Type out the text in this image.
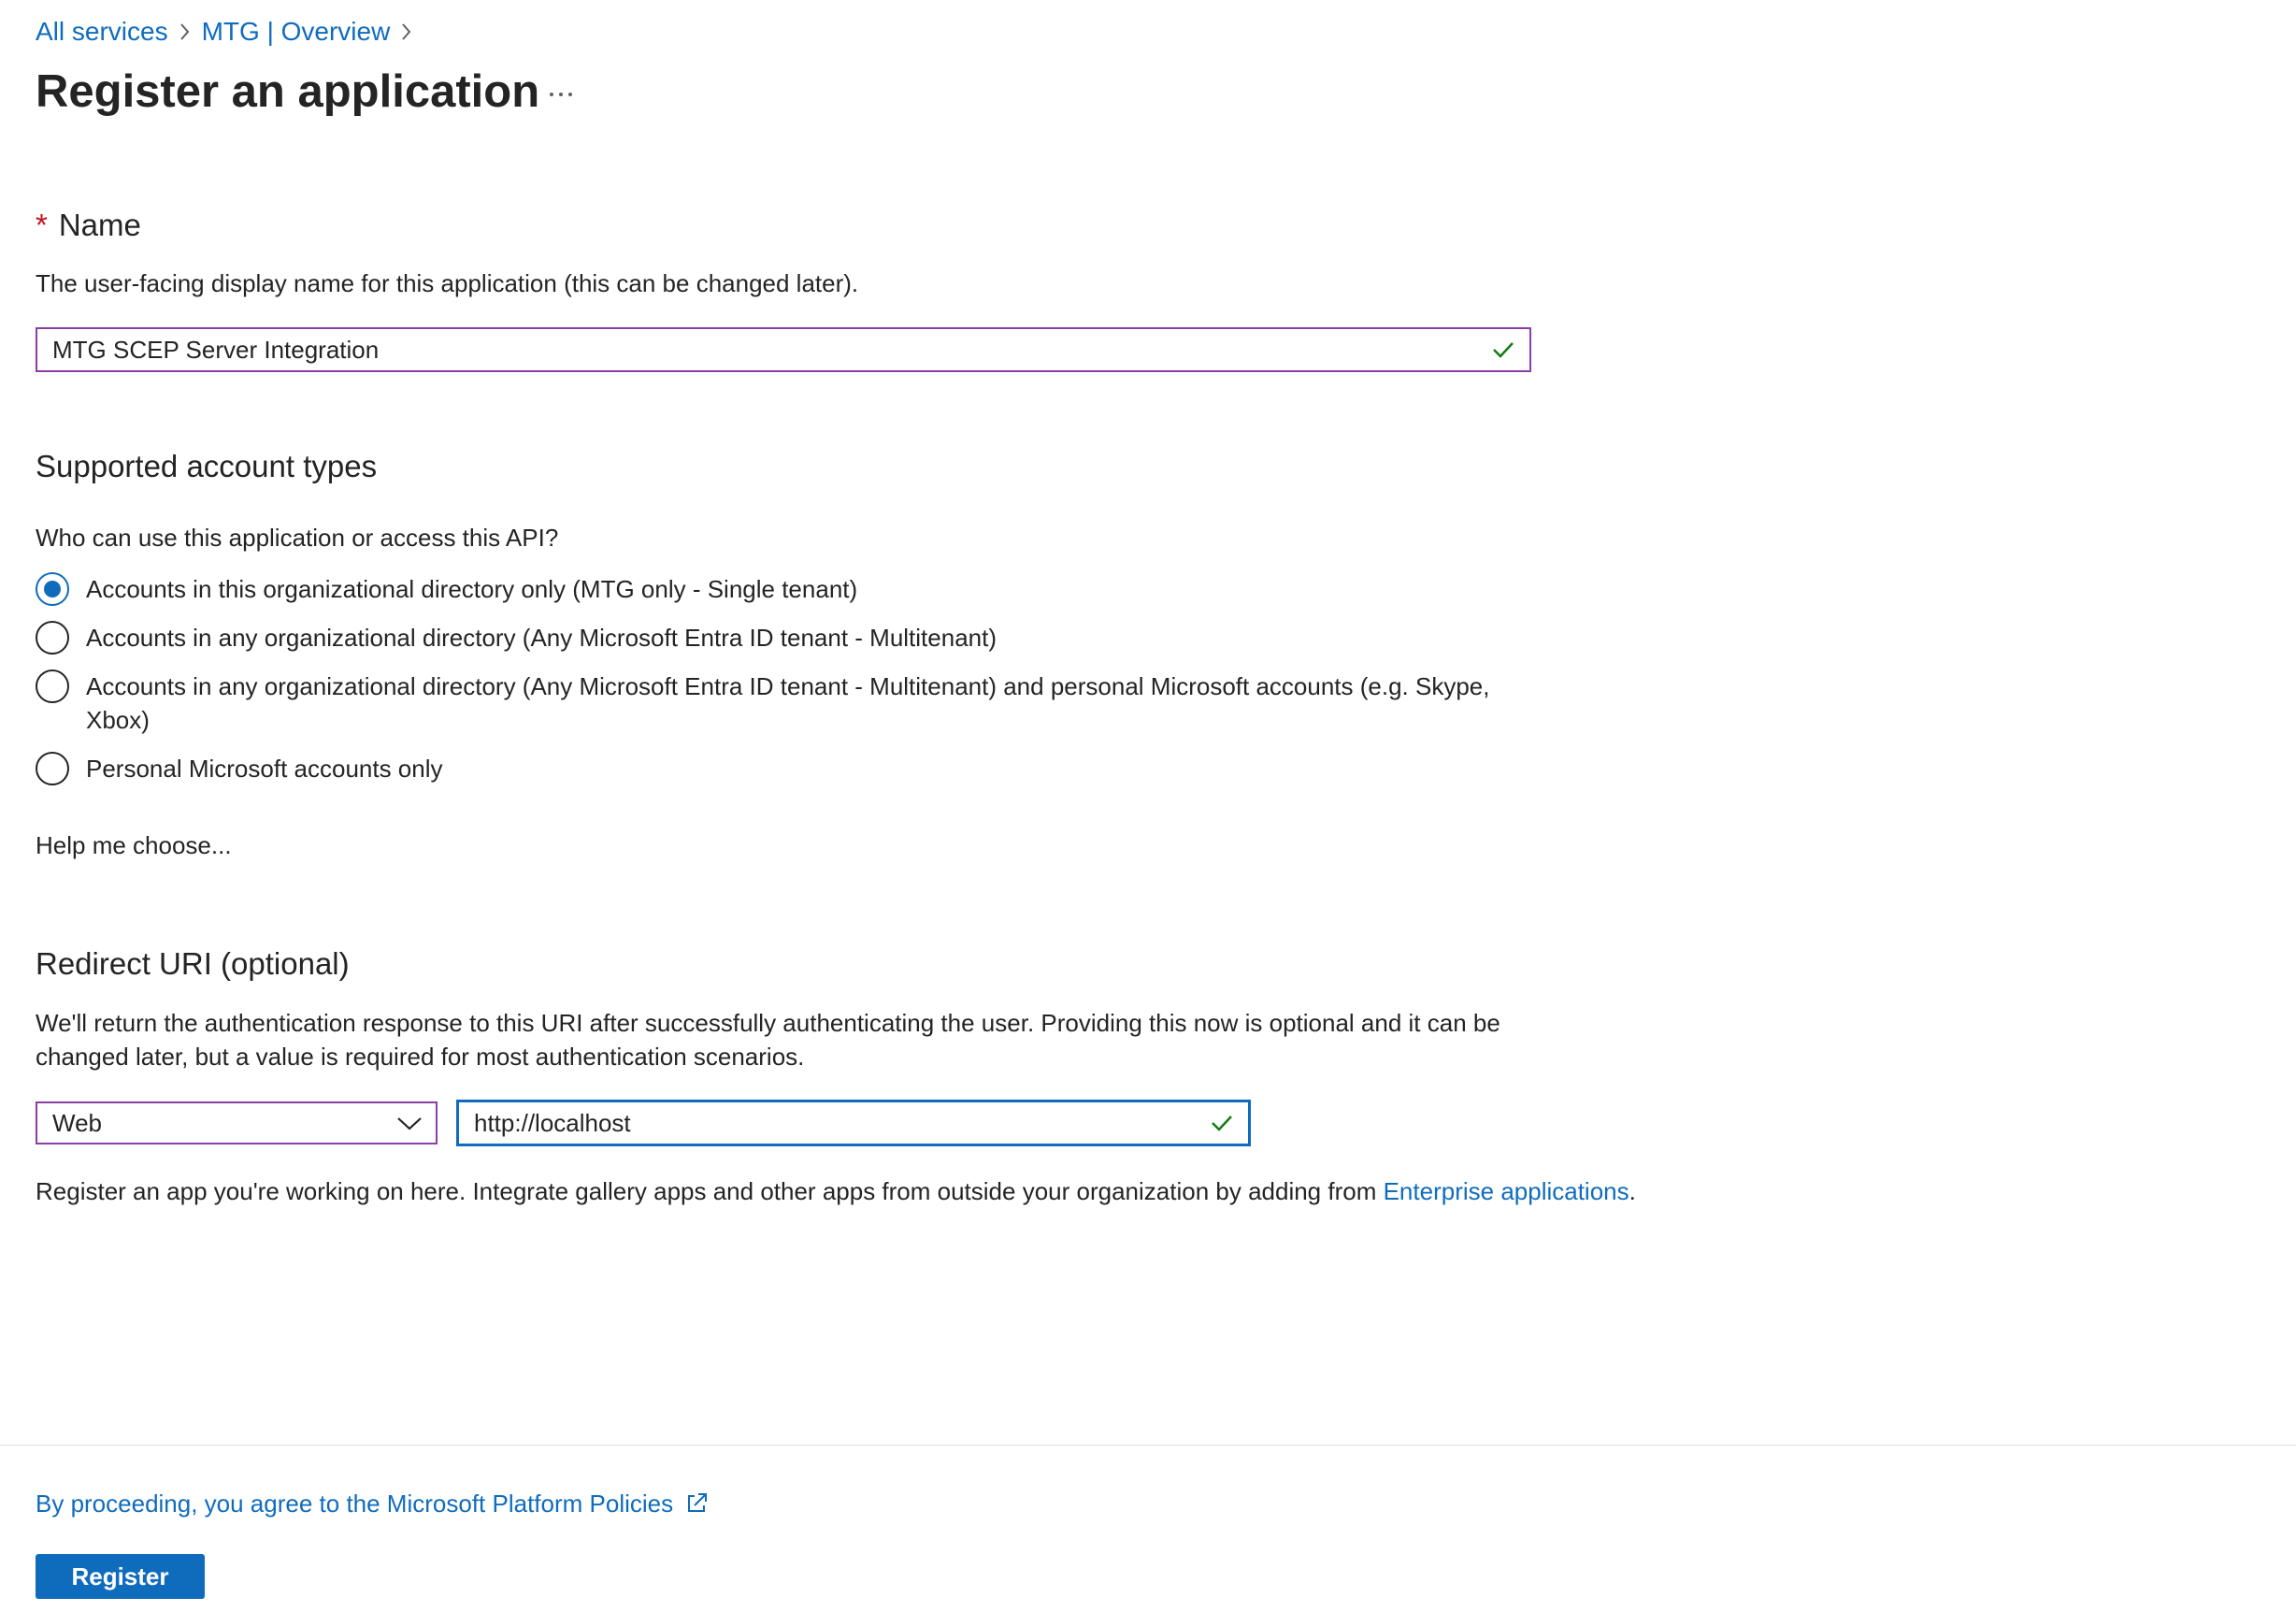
All services MTG | Overview
Register an application
* Name

The user-facing display name for this application (this can be changed later).

MTG SCEP Server Integration
Supported account types

Who can use this application or access this API?

Accounts in this organizational directory only (MTG only - Single tenant)
Accounts in any organizational directory (Any Microsoft Entra ID tenant - Multitenant)
Accounts in any organizational directory (Any Microsoft Entra ID tenant - Multitenant) and personal Microsoft accounts (e.g. Skype, Xbox)
Personal Microsoft accounts only
Help me choose...
Redirect URI (optional)

We'll return the authentication response to this URI after successfully authenticating the user. Providing this now is optional and it can be changed later, but a value is required for most authentication scenarios.

Web	http://localhost

Register an app you're working on here. Integrate gallery apps and other apps from outside your organization by adding from Enterprise applications.

By proceeding, you agree to the Microsoft Platform Policies
Register
